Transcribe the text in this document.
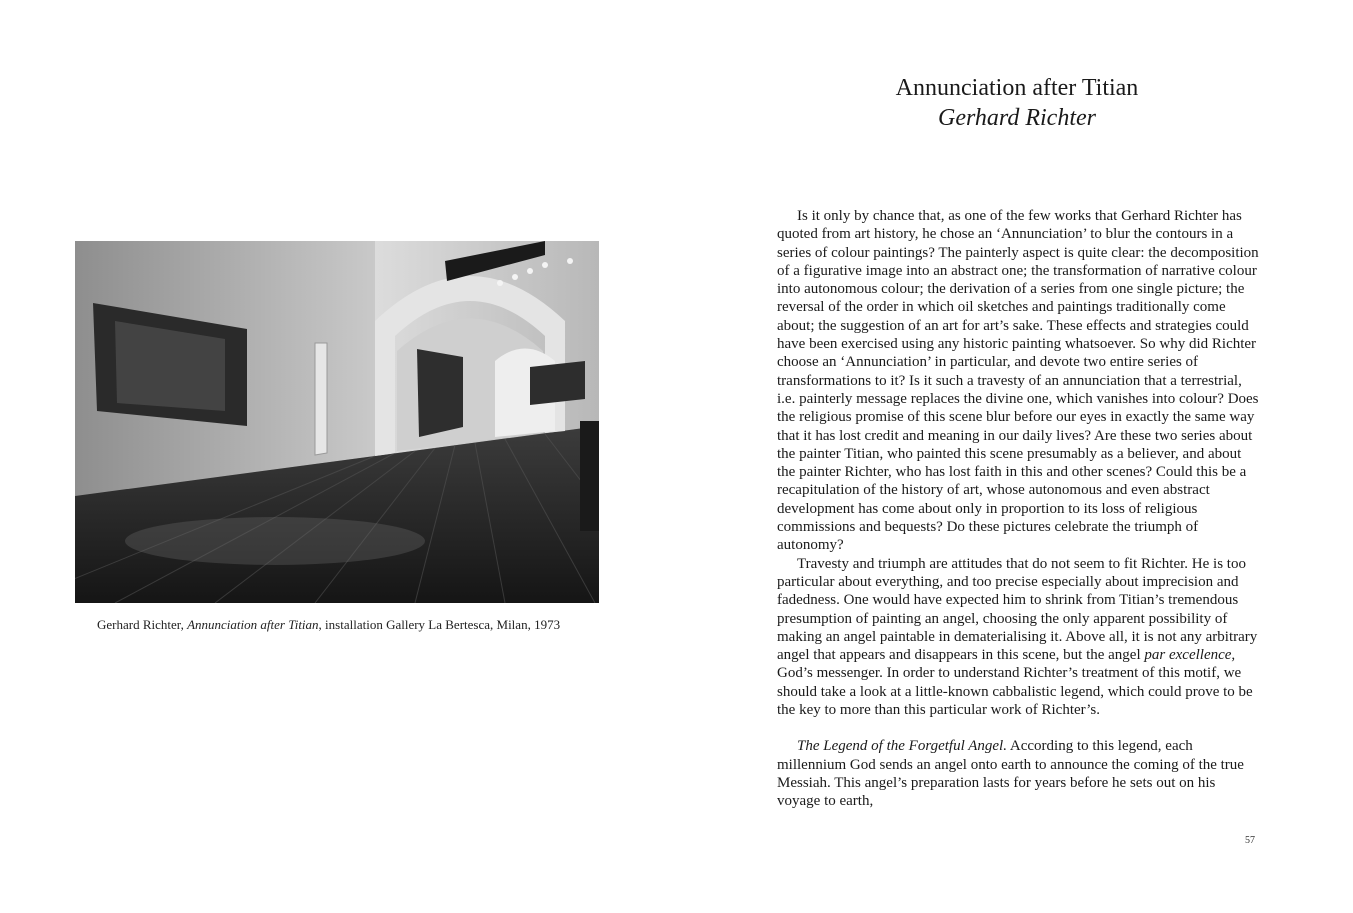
Gerhard Richter, Annunciation after Titian, installation Gallery La Bertesca, Milan, 1973
Annunciation after Titian
Gerhard Richter

Is it only by chance that, as one of the few works that Gerhard Richter has quoted from art history, he chose an ‘Annunciation’ to blur the contours in a series of colour paintings? The painterly aspect is quite clear: the decomposition of a figurative image into an abstract one; the transformation of narrative colour into autonomous colour; the derivation of a series from one single picture; the reversal of the order in which oil sketches and paintings traditionally come about; the suggestion of an art for art’s sake. These effects and strategies could have been exercised using any historic painting whatsoever. So why did Richter choose an ‘Annunciation’ in particular, and devote two entire series of transformations to it? Is it such a travesty of an annunciation that a terrestrial, i.e. painterly message replaces the divine one, which vanishes into colour? Does the religious promise of this scene blur before our eyes in exactly the same way that it has lost credit and meaning in our daily lives? Are these two series about the painter Titian, who painted this scene presumably as a believer, and about the painter Richter, who has lost faith in this and other scenes? Could this be a recapitulation of the history of art, whose autonomous and even abstract development has come about only in proportion to its loss of religious commissions and bequests? Do these pictures celebrate the triumph of autonomy?

Travesty and triumph are attitudes that do not seem to fit Richter. He is too particular about everything, and too precise especially about imprecision and fadedness. One would have expected him to shrink from Titian’s tremendous presumption of painting an angel, choosing the only apparent possibility of making an angel paintable in dematerialising it. Above all, it is not any arbitrary angel that appears and disappears in this scene, but the angel par excellence, God’s messenger. In order to understand Richter’s treatment of this motif, we should take a look at a little-known cabbalistic legend, which could prove to be the key to more than this particular work of Richter’s.

The Legend of the Forgetful Angel. According to this legend, each millennium God sends an angel onto earth to announce the coming of the true Messiah. This angel’s preparation lasts for years before he sets out on his voyage to earth,

57
